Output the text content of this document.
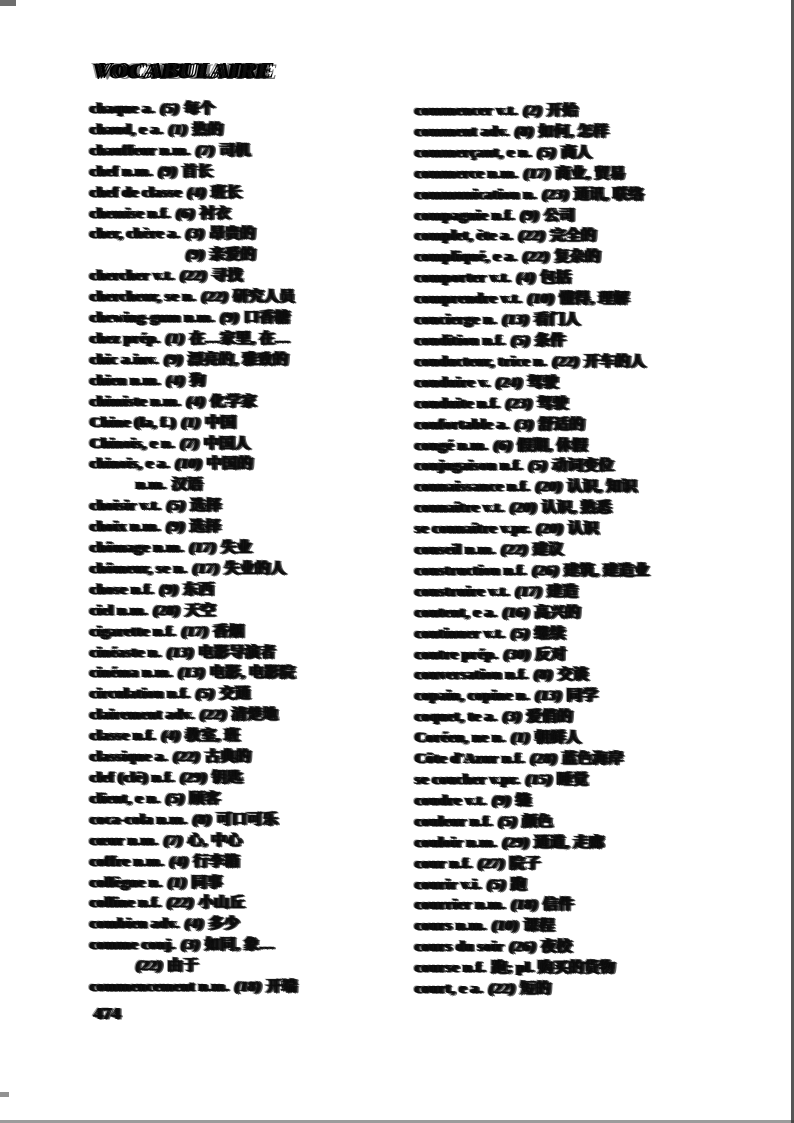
VOCABULAIRE
chaque a. (5) 每个
chaud, e a. (1) 热的
chauffeur n.m. (7) 司机
chef n.m. (9) 首长
chef de classe (4) 班长
chemise n.f. (6) 衬衣
cher, chère a. (3) 昂贵的
(9) 亲爱的
chercher v.t. (22) 寻找
chercheur, se n. (22) 研究人员
chewing-gum n.m. (9) 口香糖
chez prép. (1) 在…家里, 在…
chic a.inv. (9) 漂亮的, 雅致的
chien n.m. (4) 狗
chimiste n.m. (4) 化学家
Chine (la, f.) (1) 中国
Chinois, e n. (7) 中国人
chinois, e a. (10) 中国的
n.m. 汉语
choisir v.t. (5) 选择
choix n.m. (9) 选择
chômage n.m. (17) 失业
chômeur, se n. (17) 失业的人
chose n.f. (9) 东西
ciel n.m. (28) 天空
cigarette n.f. (17) 香烟
cinéaste n. (13) 电影导演者
cinéma n.m. (13) 电影, 电影院
circulation n.f. (5) 交通
clairement adv. (22) 清楚地
classe n.f. (4) 教室, 班
classique a. (22) 古典的
clef (clé) n.f. (29) 钥匙
client, e n. (5) 顾客
coca-cola n.m. (8) 可口可乐
cœur n.m. (7) 心, 中心
coffre n.m. (4) 行李箱
collègue n. (1) 同事
colline n.f. (22) 小山丘
combien adv. (4) 多少
comme conj. (3) 如同, 象…
(22) 由于
commencement n.m. (18) 开端
commencer v.t. (2) 开始
comment adv. (8) 如何, 怎样
commerçant, e n. (5) 商人
commerce n.m. (17) 商业, 贸易
communication n. (23) 通讯, 联络
compagnie n.f. (9) 公司
complet, ète a. (22) 完全的
compliqué, e a. (22) 复杂的
comporter v.t. (4) 包括
comprendre v.t. (10) 懂得, 理解
concierge n. (13) 看门人
condition n.f. (5) 条件
conducteur, trice n. (22) 开车的人
conduire v. (24) 驾驶
conduite n.f. (23) 驾驶
confortable a. (3) 舒适的
congé n.m. (6) 假期, 休假
conjugaison n.f. (5) 动词变位
connaissance n.f. (20) 认识, 知识
connaître v.t. (20) 认识, 熟悉
se connaître v.pr. (20) 认识
conseil n.m. (22) 建议
construction n.f. (26) 建筑, 建造业
construire v.t. (17) 建造
content, e a. (16) 高兴的
continuer v.t. (5) 继续
contre prép. (30) 反对
conversation n.f. (8) 交谈
copain, copine n. (13) 同学
coquet, te a. (3) 爱俏的
Coréen, ne n. (1) 朝鲜人
Côte d'Azur n.f. (28) 蓝色海岸
se coucher v.pr. (15) 睡觉
coudre v.t. (9) 缝
couleur n.f. (5) 颜色
couloir n.m. (29) 通道, 走廊
cour n.f. (27) 院子
courir v.i. (5) 跑
courrier n.m. (18) 信件
cours n.m. (10) 课程
cours du soir (26) 夜校
course n.f. 跑; pl. 购买的货物
court, e a. (22) 短的
474
